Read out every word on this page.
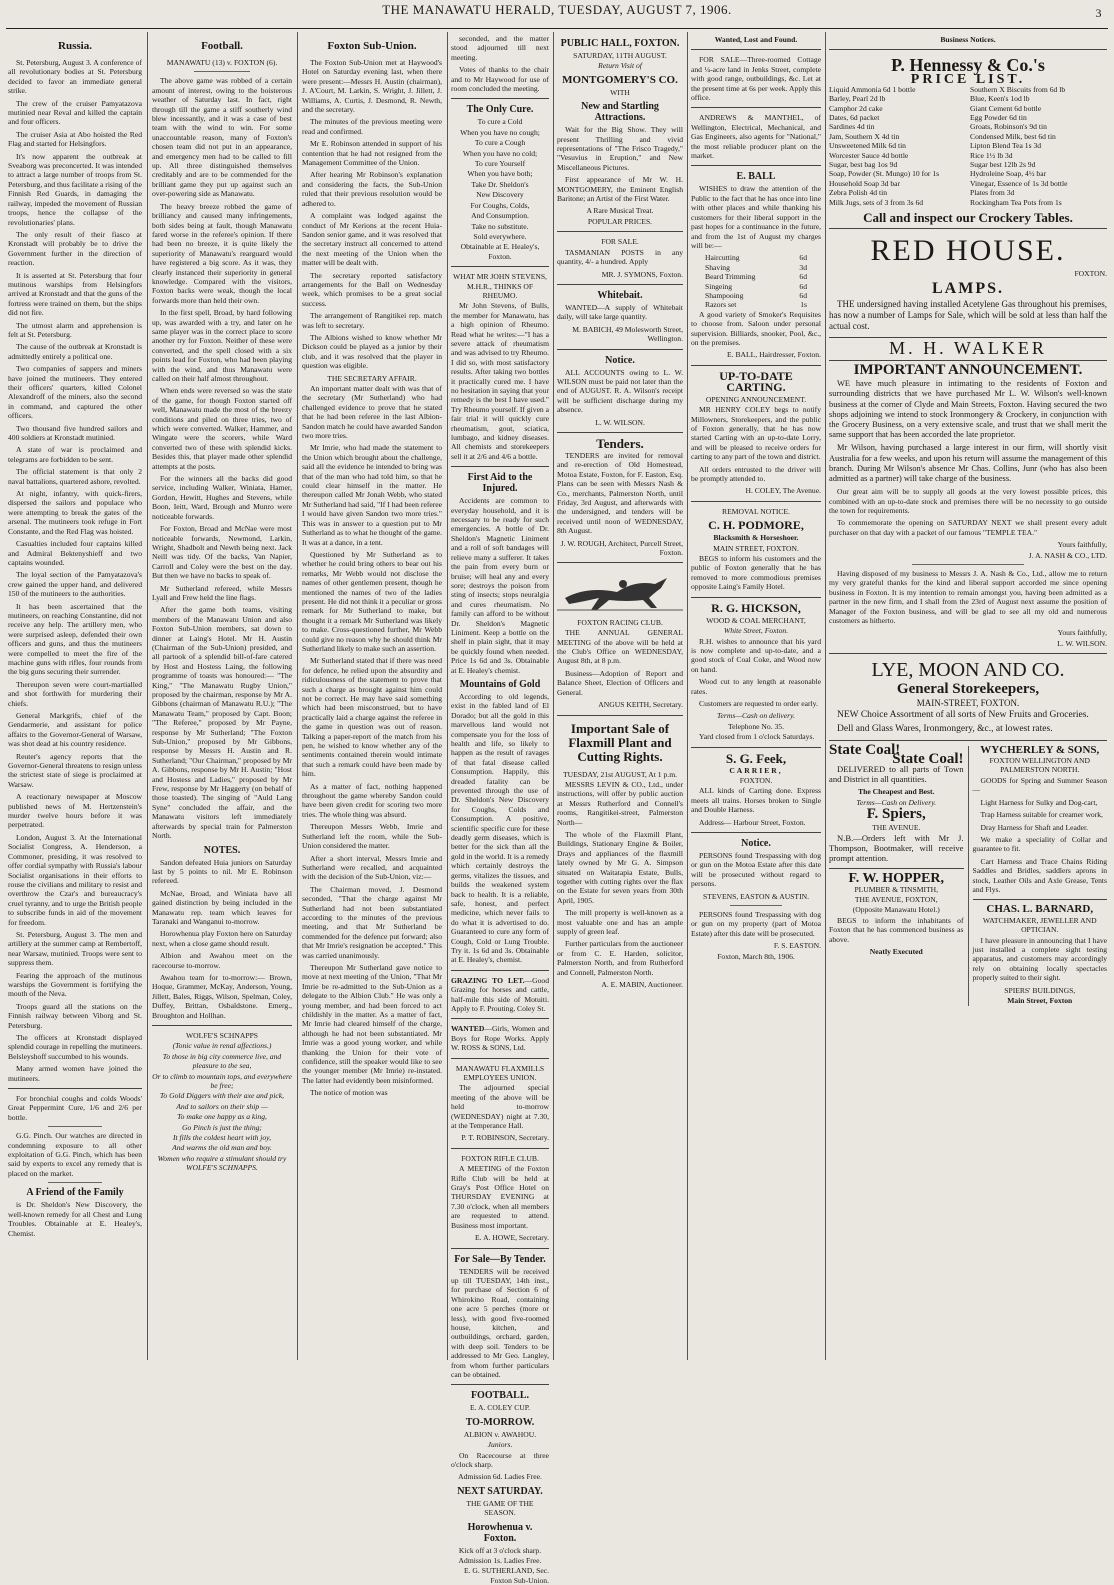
THE MANAWATU HERALD, TUESDAY, AUGUST 7, 1906.	3
Russia.
St. Petersburg, August 3. A conference of all revolutionary bodies at St. Petersburg decided to favor an immediate general strike.
The crew of the cruiser Pamyatazova mutinied near Reval and killed the captain and four officers.
The cruiser Asia at Abo hoisted the Red Flag and started for Helsingfors.
It's now apparent the outbreak at Sveaborg was preconcerted. It was intended to attract a large number of troops from St. Petersburg, and thus facilitate a rising of the Finnish Red Guards, in damaging the railway, impeded the movement of Russian troops, hence the collapse of the revolutionaries' plans.
The only result of their fiasco at Kronstadt will probably be to drive the Government further in the direction of reaction.
It is asserted at St. Petersburg that four mutinous warships from Helsingfors arrived at Kronstadt and that the guns of the fortress were trained on them, but the ships did not fire.
The utmost alarm and apprehension is felt at St. Petersburg.
The cause of the outbreak at Kronstadt is admittedly entirely a political one.
Two companies of sappers and miners have joined the mutineers. They entered their officers' quarters, killed Colonel Alexandroff of the miners, also the second in command, and captured the other officers.
Two thousand five hundred sailors and 400 soldiers at Kronstadt mutinied.
A state of war is proclaimed and telegrams are forbidden to be sent.
The official statement is that only 2 naval battalions, quartered ashore, revolted.
At night, infantry, with quick-firers, dispersed the sailors and populace who were attempting to break the gates of the arsenal. The mutineers took refuge in Fort Constante, and the Red Flag was hoisted.
Casualties included four captains killed and Admiral Bektenyshieff and two captains wounded.
The loyal section of the Pamyatazova's crew gained the upper hand, and delivered 150 of the mutineers to the authorities.
It has been ascertained that the mutineers, on reaching Constantine, did not receive any help. The artillery men, who were surprised asleep, defended their own officers and guns, and thus the mutineers were compelled to meet the fire of the machine guns with rifles, four rounds from the big guns securing their surrender.
Thereupon seven were court-martialled and shot forthwith for murdering their chiefs.
General Markgrifs, chief of the Gendarmerie, and assistant for police affairs to the Governor-General of Warsaw, was shot dead at his country residence.
Reuter's agency reports that the Governor-General threatens to resign unless the strictest state of siege is proclaimed at Warsaw.
A reactionary newspaper at Moscow published news of M. Hertzenstein's murder twelve hours before it was perpetrated.
London, August 3. At the International Socialist Congress, A. Henderson, a Commoner, presiding, it was resolved to offer cordial sympathy with Russia's labour Socialist organisations in their efforts to rouse the civilians and military to resist and overthrow the Czar's and bureaucracy's cruel tyranny, and to urge the British people to subscribe funds in aid of the movement for freedom.
St. Petersburg, August 3. The men and artillery at the summer camp at Rembertoff, near Warsaw, mutinied. Troops were sent to suppress them.
Fearing the approach of the mutinous warships the Government is fortifying the mouth of the Neva.
Troops guard all the stations on the Finnish railway between Viborg and St. Petersburg.
The officers at Kronstadt displayed splendid courage in repelling the mutineers. Belsleyshoff succumbed to his wounds.
Many armed women have joined the mutineers.
For bronchial coughs and colds Woods' Great Peppermint Cure, 1/6 and 2/6 per bottle.
G.G. Pinch. Our watches are directed in condemning exposure to all other exploitation of G.G. Pinch, which has been said by experts to excel any remedy that is placed on the market.
A Friend of the Family
is Dr. Sheldon's New Discovery, the well-known remedy for all Chest and Lung Troubles. Obtainable at E. Healey's, Chemist.
Football.
MANAWATU (13) v. FOXTON (6).
The above game was robbed of a certain amount of interest, owing to the boisterous weather of Saturday last. In fact, right through till the game a stiff southerly wind blew incessantly, and it was a case of best team with the wind to win. For some unaccountable reason, many of Foxton's chosen team did not put in an appearance, and emergency men had to be called to fill up. All three distinguished themselves creditably and are to be commended for the brilliant game they put up against such an over-powering side as Manawatu.
The heavy breeze robbed the game of brilliancy and caused many infringements, both sides being at fault, though Manawatu fared worse in the referee's opinion. If there had been no breeze, it is quite likely the superiority of Manawatu's rearguard would have registered a big score. As it was, they clearly instanced their superiority in general knowledge. Compared with the visitors, Foxton backs were weak, though the local forwards more than held their own.
In the first spell, Broad, by hard following up, was awarded with a try, and later on he same player was in the correct place to score another try for Foxton. Neither of these were converted, and the spell closed with a six points lead for Foxton, who had been playing with the wind, and thus Manawatu were called on their half almost throughout.
When ends were reversed so was the state of the game, for though Foxton started off well, Manawatu made the most of the breezy conditions and piled on three tries, two of which were converted. Walker, Hammer, and Wingate were the scorers, while Ward converted two of these with splendid kicks. Besides this, that player made other splendid attempts at the posts.
For the winners all the backs did good service, including Walker, Winiata, Hamer, Gordon, Hewitt, Hughes and Stevens, while Boon, Ieitt, Ward, Brough and Munro were noticeable forwards.
For Foxton, Broad and McNae were most noticeable forwards, Newmond, Larkin, Wright, Shadbolt and Newth being next. Jack Neill was tidy. Of the backs, Van Napier, Carroll and Coley were the best on the day. But then we have no backs to speak of.
Mr Sutherland refereed, while Messrs Lyall and Frew held the line flags.
After the game both teams, visiting members of the Manawatu Union and also Foxton Sub-Union members, sat down to dinner at Laing's Hotel. Mr H. Austin (Chairman of the Sub-Union) presided, and all partook of a splendid bill-of-fare catered by Host and Hostess Laing, the following programme of toasts was honoured:— "The King," "The Manawatu Rugby Union," proposed by the chairman, response by Mr A. Gibbons (chairman of Manawatu R.U.); "The Manawatu Team," proposed by Capt. Boon; "The Referee," proposed by Mr Payne, response by Mr Sutherland; "The Foxton Sub-Union," proposed by Mr Gibbons, response by Messrs H. Austin and R. Sutherland; "Our Chairman," proposed by Mr A. Gibbons, response by Mr H. Austin; "Host and Hostess and Ladies," proposed by Mr Frew, response by Mr Haggerty (on behalf of those toasted). The singing of "Auld Lang Syne" concluded the affair, and the Manawatu visitors left immediately afterwards by special train for Palmerston North.
NOTES.
Sandon defeated Huia juniors on Saturday last by 5 points to nil. Mr E. Robinson refereed.
McNae, Broad, and Winiata have all gained distinction by being included in the Manawatu rep. team which leaves for Taranaki and Wanganui to-morrow.
Horowhenua play Foxton here on Saturday next, when a close game should result.
Albion and Awahou meet on the racecourse to-morrow.
Awahou team for to-morrow:— Brown, Hoque, Grammer, McKay, Anderson, Young, Jillett, Bales, Riggs, Wilson, Spelman, Coley, Duffey, Brittan, Osbaldstone. Emerg., Broughton and Hollhan.
WOLFE'S SCHNAPPS
(Tonic value in renal affections.)
To those in big city commerce live, and pleasure to the sea,
Or to climb to mountain tops, and everywhere be free;
To Gold Diggers with their axe and pick,
And to sailors on their ship —
To make one happy as a king,
Go Pinch is just the thing;
It fills the coldest heart with joy,
And warms the old man and boy.
Women who require a stimulant should try WOLFE'S SCHNAPPS.
Foxton Sub-Union.
The Foxton Sub-Union met at Haywood's Hotel on Saturday evening last, when there were present:—Messrs H. Austin (chairman), J. A'Court, M. Larkin, S. Wright, J. Jillett, J. Williams, A. Curtis, J. Desmond, R. Newth, and the secretary.
The minutes of the previous meeting were read and confirmed.
Mr E. Robinson attended in support of his contention that he had not resigned from the Management Committee of the Union.
After hearing Mr Robinson's explanation and considering the facts, the Sub-Union ruled that their previous resolution would be adhered to.
A complaint was lodged against the conduct of Mr Kerions at the recent Huia-Sandon senior game, and it was resolved that the secretary instruct all concerned to attend the next meeting of the Union when the matter will be dealt with.
The secretary reported satisfactory arrangements for the Ball on Wednesday week, which promises to be a great social success.
The arrangement of Rangitikei rep. match was left to secretary.
The Albions wished to know whether Mr Dickson could be played as a junior by their club, and it was resolved that the player in question was eligible.
THE SECRETARY AFFAIR.
An important matter dealt with was that of the secretary (Mr Sutherland) who had challenged evidence to prove that he stated that he had been referee in the last Albion-Sandon match he could have awarded Sandon two more tries.
Mr Imrie, who had made the statement to the Union which brought about the challenge, said all the evidence he intended to bring was that of the man who had told him, so that he could clear himself in the matter. He thereupon called Mr Jonah Webb, who stated Mr Sutherland had said, "If I had been referee I would have given Sandon two more tries." This was in answer to a question put to Mr Sutherland as to what he thought of the game. It was at a dance, in a tent.
Questioned by Mr Sutherland as to whether he could bring others to bear out his remarks, Mr Webb would not disclose the names of other gentlemen present, though he mentioned the names of two of the ladies present. He did not think it a peculiar or gross remark for Mr Sutherland to make, but thought it a remark Mr Sutherland was likely to make. Cross-questioned further, Mr Webb could give no reason why he should think Mr Sutherland likely to make such an assertion.
Mr Sutherland stated that if there was need for defence, he relied upon the absurdity and ridiculousness of the statement to prove that such a charge as brought against him could not be correct. He may have said something which had been misconstrued, but to have practically laid a charge against the referee in the game in question was out of reason. Talking a paper-report of the match from his pen, he wished to know whether any of the sentiments contained therein would intimate that such a remark could have been made by him.
As a matter of fact, nothing happened throughout the game whereby Sandon could have been given credit for scoring two more tries. The whole thing was absurd.
Thereupon Messrs Webb, Imrie and Sutherland left the room, while the Sub-Union considered the matter.
After a short interval, Messrs Imrie and Sutherland were recalled, and acquainted with the decision of the Sub-Union, viz:—
The Chairman moved, J. Desmond seconded, "That the charge against Mr Sutherland had not been substantiated according to the minutes of the previous meeting, and that Mr Sutherland be commended for the defence put forward; also that Mr Imrie's resignation be accepted." This was carried unanimously.
Thereupon Mr Sutherland gave notice to move at next meeting of the Union, "That Mr Imrie be re-admitted to the Sub-Union as a delegate to the Albion Club." He was only a young member, and had been forced to act childishly in the matter. As a matter of fact, Mr Imrie had cleared himself of the charge, although he had not been substantiated. Mr Imrie was a good young worker, and while thanking the Union for their vote of confidence, still the speaker would like to see the younger member (Mr Imrie) re-instated. The latter had evidently been misinformed.
The notice of motion was
seconded, and the matter stood adjourned till next meeting.
Votes of thanks to the chair and to Mr Haywood for use of room concluded the meeting.
The Only Cure.
To cure a Cold
When you have no cough;
To cure a Cough
When you have no cold;
To cure Yourself
When you have both;
Take Dr. Sheldon's
New Discovery
For Coughs, Colds,
And Consumption.
Take no substitute.
Sold everywhere.
Obtainable at E. Healey's, Foxton.
WHAT MR JOHN STEVENS, M.H.R., THINKS OF RHEUMO.
Mr John Stevens, of Bulls, the member for Manawatu, has a high opinion of Rheumo. Read what he writes:—"I has a severe attack of rheumatism and was advised to try Rheumo. I did so, with most satisfactory results. After taking two bottles it practically cured me. I have no hesitation in saying that your remedy is the best I have used." Try Rheumo yourself. If given a fair trial it will quickly cure rheumatism, gout, sciatica, lumbago, and kidney diseases. All chemists and storekeepers sell it at 2/6 and 4/6 a bottle.
First Aid to the Injured.
Accidents are common to everyday household, and it is necessary to be ready for such emergencies. A bottle of Dr. Sheldon's Magnetic Liniment and a roll of soft bandages will relieve many a sufferer. It takes the pain from every burn or bruise; will heal any and every sore; destroys the poison from sting of insects; stops neuralgia and cures rheumatism. No family can afford to be without Dr. Sheldon's Magnetic Liniment. Keep a bottle on the shelf in plain sight, that it may be quickly found when needed. Price 1s 6d and 3s. Obtainable at E. Healey's chemist.
Mountains of Gold
According to old legends, exist in the fabled land of El Dorado; but all the gold in this marvellous land would not compensate you for the loss of health and life, so likely to happen as the result of ravages of that fatal disease called Consumption. Happily, this dreaded fatality can be prevented through the use of Dr. Sheldon's New Discovery for Coughs, Colds and Consumption. A positive, scientific specific cure for these deadly germ diseases, which is better for the sick than all the gold in the world. It is a remedy which certainly destroys the germs, vitalizes the tissues, and builds the weakened system back to health. It is a reliable, safe, honest, and perfect medicine, which never fails to do what it is advertised to do. Guaranteed to cure any form of Cough, Cold or Lung Trouble. Try it. 1s 6d and 3s. Obtainable at E. Healey's, chemist.
GRAZING TO LET.—Good Grazing for horses and cattle, half-mile this side of Motuiti. Apply to F. Prouting, Coley St.
WANTED—Girls, Women and Boys for Rope Works. Apply W. ROSS & SONS, Ltd.
MANAWATU FLAXMILLS EMPLOYEES UNION.
The adjourned special meeting of the above will be held to-morrow (WEDNESDAY) night at 7.30, at the Temperance Hall.
P. T. ROBINSON, Secretary.
FOXTON RIFLE CLUB.
A MEETING of the Foxton Rifle Club will be held at Gray's Post Office Hotel on THURSDAY EVENING at 7.30 o'clock, when all members are requested to attend. Business most important.
E. A. HOWE, Secretary.
For Sale—By Tender.
TENDERS will be received up till TUESDAY, 14th inst., for purchase of Section 6 of Whirokino Road, containing one acre 5 perches (more or less), with good five-roomed house, kitchen, and outbuildings, orchard, garden, with deep soil. Tenders to be addressed to Mr Geo. Langley, from whom further particulars can be obtained.
FOOTBALL.
E. A. COLEY CUP.
TO-MORROW.
ALBION v. AWAHOU.
Juniors.
On Racecourse at three o'clock sharp.
Admission 6d. Ladies Free.
NEXT SATURDAY.
THE GAME OF THE SEASON.
Horowhenua v. Foxton.
Kick off at 3 o'clock sharp.
Admission 1s. Ladies Free.
E. G. SUTHERLAND, Sec. Foxton Sub-Union.
PUBLIC HALL, FOXTON.
SATURDAY, 11TH AUGUST.
Return Visit of
MONTGOMERY'S CO.
WITH
New and Startling Attractions.
Wait for the Big Show. They will present Thrilling and vivid representations of "The Frisco Tragedy," "Vesuvius in Eruption," and New Miscellaneous Pictures.
First appearance of Mr W. H. MONTGOMERY, the Eminent English Baritone; an Artist of the First Water.
A Rare Musical Treat.
POPULAR PRICES.
FOR SALE.
TASMANIAN POSTS in any quantity, 4/- a hundred. Apply
MR. J. SYMONS, Foxton.
Whitebait.
WANTED—A supply of Whitebait daily, will take large quantity.
M. BABICH, 49 Molesworth Street, Wellington.
Notice.
ALL ACCOUNTS owing to L. W. WILSON must be paid not later than the end of AUGUST. R. A. Wilson's receipt will be sufficient discharge during my absence.
L. W. WILSON.
Tenders.
TENDERS are invited for removal and re-erection of Old Homestead, Motoa Estate, Foxton, for F. Easton, Esq. Plans can be seen with Messrs Nash & Co., merchants, Palmerston North, until Friday, 3rd August, and afterwards with the undersigned, and tenders will be received until noon of WEDNESDAY, 8th August.
J. W. ROUGH, Architect, Purcell Street, Foxton.
FOXTON RACING CLUB.
THE ANNUAL GENERAL MEETING of the above will be held at the Club's Office on WEDNESDAY, August 8th, at 8 p.m.
Business—Adoption of Report and Balance Sheet, Election of Officers and General.
ANGUS KEITH, Secretary.
Important Sale of Flaxmill Plant and Cutting Rights.
TUESDAY, 21st AUGUST, At 1 p.m.
MESSRS LEVIN & CO., Ltd., under instructions, will offer by public auction at Messrs Rutherford and Connell's rooms, Rangitikei-street, Palmerston North—
The whole of the Flaxmill Plant, Buildings, Stationary Engine & Boiler, Drays and appliances of the flaxmill lately owned by Mr G. A. Simpson situated on Waitatapia Estate, Bulls, together with cutting rights over the flax on the Estate for seven years from 30th April, 1905.
The mill property is well-known as a most valuable one and has an ample supply of green leaf.
Further particulars from the auctioneer or from C. E. Harden, solicitor, Palmerston North, and from Rutherford and Connell, Palmerston North.
A. E. MABIN, Auctioneer.
Wanted, Lost and Found.
FOR SALE—Three-roomed Cottage and ¼-acre land in Jenks Street, complete with good range, outbuildings, &c. Let at the present time at 6s per week. Apply this office.
ANDREWS & MANTHEL, of Wellington, Electrical, Mechanical, and Gas Engineers, also agents for "National," the most reliable producer plant on the market.
E. BALL
WISHES to draw the attention of the Public to the fact that he has once into line with other places and while thanking his customers for their liberal support in the past hopes for a continuance in the future, and from the 1st of August my charges will be:—
Haircutting	6d
Shaving	3d
Beard Trimming	6d
Singeing	6d
Shampooing	6d
Razors set	1s
A good variety of Smoker's Requisites to choose from. Saloon under personal supervision. Billiards, snooker, Pool, &c., on the premises.
E. BALL, Hairdresser, Foxton.
UP-TO-DATE CARTING.
OPENING ANNOUNCEMENT.
MR HENRY COLEY begs to notify Millowners, Storekeepers, and the public of Foxton generally, that he has now started Carting with an up-to-date Lorry, and will be pleased to receive orders for carting to any part of the town and district.
All orders entrusted to the driver will be promptly attended to.
H. COLEY, The Avenue.
REMOVAL NOTICE.
C. H. PODMORE,
Blacksmith & Horseshoer.
MAIN STREET, FOXTON.
BEGS to inform his customers and the public of Foxton generally that he has removed to more commodious premises opposite Laing's Family Hotel.
R. G. HICKSON,
WOOD & COAL MERCHANT,
White Street, Foxton.
R.H. wishes to announce that his yard is now complete and up-to-date, and a good stock of Coal Coke, and Wood now on hand.
Wood cut to any length at reasonable rates.
Customers are requested to order early.
Terms—Cash on delivery.
Telephone No. 35.
Yard closed from 1 o'clock Saturdays.
S. G. Feek,
CARRIER,
FOXTON.
ALL kinds of Carting done. Express meets all trains. Horses broken to Single and Double Harness.
Address— Harbour Street, Foxton.
Notice.
PERSONS found Trespassing with dog or gun on the Motoa Estate after this date will be prosecuted without regard to persons.
STEVENS, EASTON & AUSTIN.
PERSONS found Trespassing with dog or gun on my property (part of Motoa Estate) after this date will be prosecuted.
F. S. EASTON.
Foxton, March 8th, 1906.
Business Notices.
P. Hennessy & Co.'s
PRICE LIST.
Liquid Ammonia 6d 1 bottle
Barley, Pearl 2d lb
Camphor 2d cake
Dates, 6d packet
Sardines 4d tin
Jam, Southern X 4d tin
Unsweetened Milk 6d tin
Worcester Sauce 4d bottle
Sugar, best bag 1os 9d
Soap, Powder (St. Mungo) 10 for 1s
Household Soap 3d bar
Zebra Polish 4d tin
Milk Jugs, sets of 3 from 3s 6d
Southern X Biscuits from 6d lb
Blue, Keen's 1od lb
Giant Cement 6d bottle
Egg Powder 6d tin
Groats, Robinson's 9d tin
Condensed Milk, best 6d tin
Lipton Blend Tea 1s 3d
Rice 1½ lb 3d
Sugar best 12lb 2s 9d
Hydroleine Soap, 4½ bar
Vinegar, Essence of 1s 3d bottle
Plates from 3d
Rockingham Tea Pots from 1s
Call and inspect our Crockery Tables.
RED HOUSE.
FOXTON.
LAMPS.
THE undersigned having installed Acetylene Gas throughout his premises, has now a number of Lamps for Sale, which will be sold at less than half the actual cost.
M. H. WALKER
IMPORTANT ANNOUNCEMENT.
WE have much pleasure in intimating to the residents of Foxton and surrounding districts that we have purchased Mr L. W. Wilson's well-known business at the corner of Clyde and Main Streets, Foxton. Having secured the two shops adjoining we intend to stock Ironmongery & Crockery, in conjunction with the Grocery Business, on a very extensive scale, and trust that we shall merit the same support that has been accorded the late proprietor.
Mr Wilson, having purchased a large interest in our firm, will shortly visit Australia for a few weeks, and upon his return will assume the management of this branch. During Mr Wilson's absence Mr Chas. Collins, Junr (who has also been admitted as a partner) will take charge of the business.
Our great aim will be to supply all goods at the very lowest possible prices, this combined with an up-to-date stock and premises there will be no necessity to go outside the town for requirements.
To commemorate the opening on SATURDAY NEXT we shall present every adult purchaser on that day with a packet of our famous "TEMPLE TEA."
Yours faithfully,
J. A. NASH & CO., LTD.
Having disposed of my business to Messrs J. A. Nash & Co., Ltd., allow me to return my very grateful thanks for the kind and liberal support accorded me since opening business in Foxton. It is my intention to remain amongst you, having been admitted as a partner in the new firm, and I shall from the 23rd of August next assume the position of Manager of the Foxton business, and will be glad to see all my old and numerous customers as hitherto.
Yours faithfully,
L. W. WILSON.
LYE, MOON AND CO.
General Storekeepers,
MAIN-STREET, FOXTON.
NEW Choice Assortment of all sorts of New Fruits and Groceries.
Dell and Glass Wares, Ironmongery, &c., at lowest rates.
State Coal!
State Coal!
DELIVERED to all parts of Town and District in all quantities.
The Cheapest and Best.
Terms—Cash on Delivery.
F. Spiers,
THE AVENUE.
N.B.—Orders left with Mr J. Thompson, Bootmaker, will receive prompt attention.
F. W. HOPPER,
PLUMBER & TINSMITH,
THE AVENUE, FOXTON,
(Opposite Manawatu Hotel.)
BEGS to inform the inhabitants of Foxton that he has commenced business as above.
Neatly Executed
WYCHERLEY & SONS,
FOXTON WELLINGTON AND PALMERSTON NORTH.
GOODS for Spring and Summer Season—
Light Harness for Sulky and Dog-cart,
Trap Harness suitable for creamer work,
Dray Harness for Shaft and Leader.
We make a speciality of Collar and guarantee to fit.
Cart Harness and Trace Chains Riding Saddles and Bridles, saddlers aprons in stock, Leather Oils and Axle Grease, Tents and Flys.
CHAS. L. BARNARD,
WATCHMAKER, JEWELLER AND OPTICIAN.
I have pleasure in announcing that I have just installed a complete sight testing apparatus, and customers may accordingly rely on obtaining locally spectacles properly suited to their sight.
SPIERS' BUILDINGS,
Main Street, Foxton
